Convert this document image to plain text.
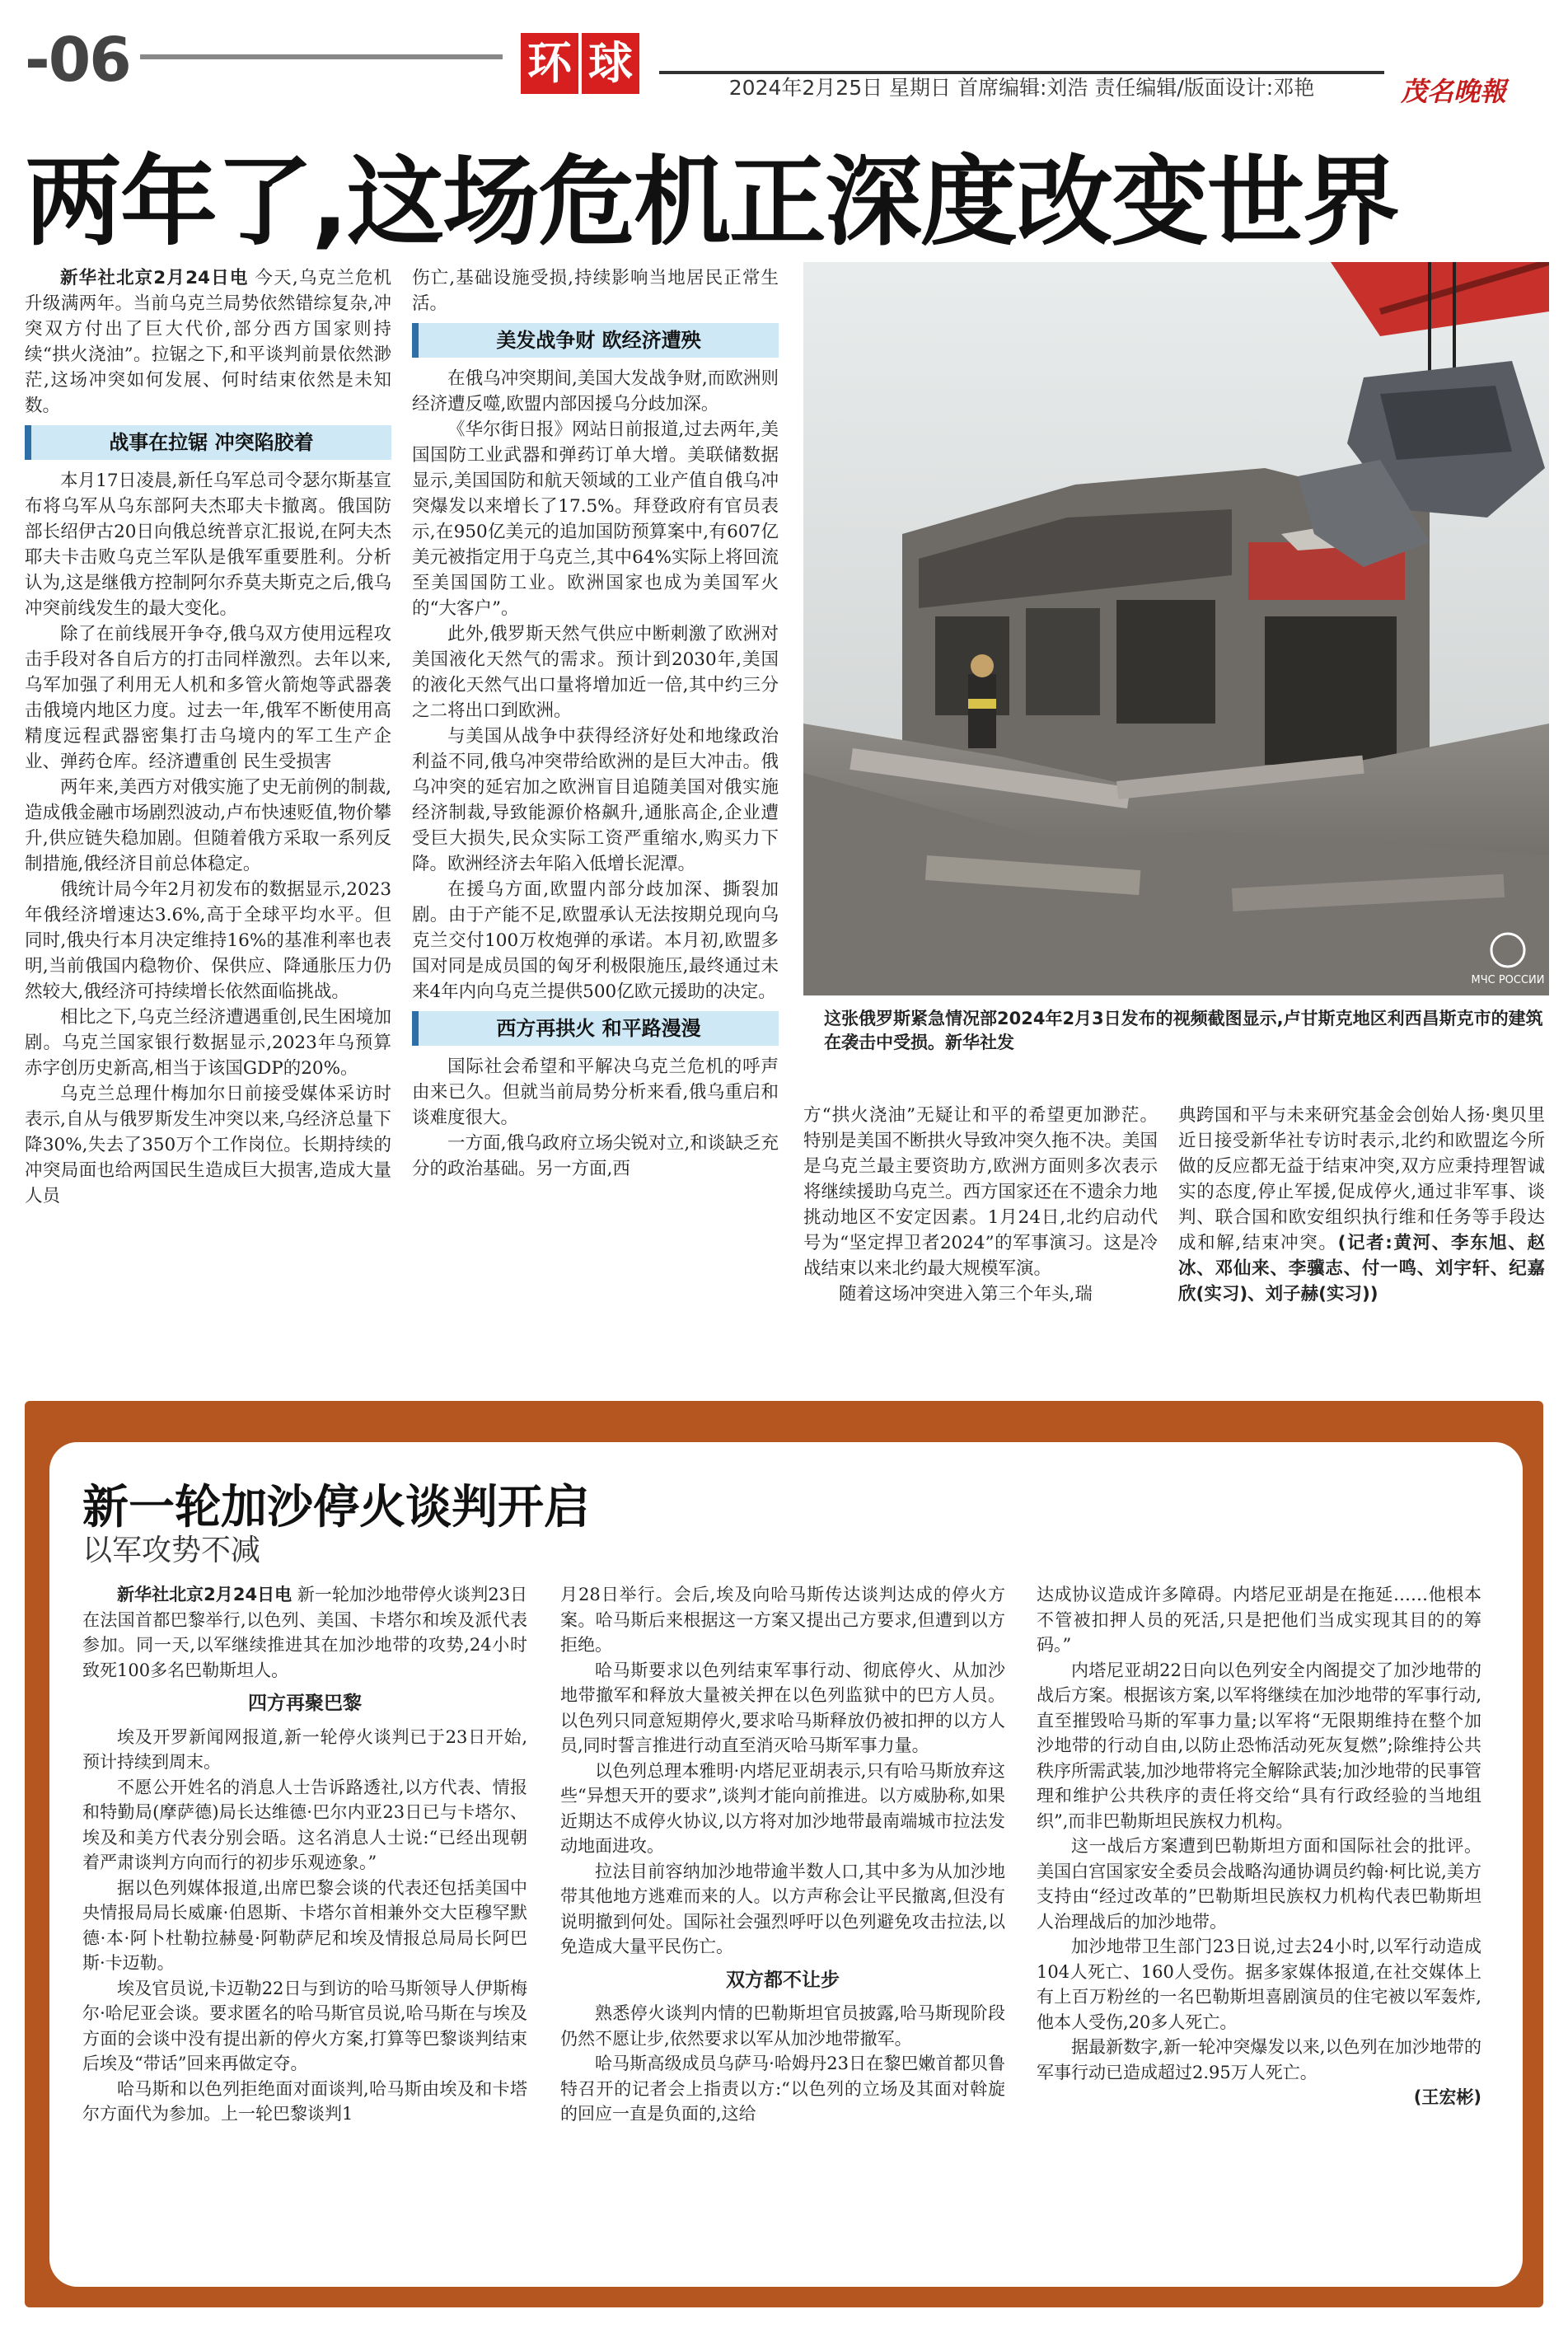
-06	环 球	2024年2月25日 星期日 首席编辑:刘浩 责任编辑/版面设计:邓艳	茂名晚報
两年了,这场危机正深度改变世界

新华社北京2月24日电 今天,乌克兰危机升级满两年。当前乌克兰局势依然错综复杂,冲突双方付出了巨大代价,部分西方国家则持续“拱火浇油”。拉锯之下,和平谈判前景依然渺茫,这场冲突如何发展、何时结束依然是未知数。

战事在拉锯 冲突陷胶着

本月17日凌晨,新任乌军总司令瑟尔斯基宣布将乌军从乌东部阿夫杰耶夫卡撤离。俄国防部长绍伊古20日向俄总统普京汇报说,在阿夫杰耶夫卡击败乌克兰军队是俄军重要胜利。分析认为,这是继俄方控制阿尔乔莫夫斯克之后,俄乌冲突前线发生的最大变化。

除了在前线展开争夺,俄乌双方使用远程攻击手段对各自后方的打击同样激烈。去年以来,乌军加强了利用无人机和多管火箭炮等武器袭击俄境内地区力度。过去一年,俄军不断使用高精度远程武器密集打击乌境内的军工生产企业、弹药仓库。经济遭重创 民生受损害

两年来,美西方对俄实施了史无前例的制裁,造成俄金融市场剧烈波动,卢布快速贬值,物价攀升,供应链失稳加剧。但随着俄方采取一系列反制措施,俄经济目前总体稳定。

俄统计局今年2月初发布的数据显示,2023年俄经济增速达3.6%,高于全球平均水平。但同时,俄央行本月决定维持16%的基准利率也表明,当前俄国内稳物价、保供应、降通胀压力仍然较大,俄经济可持续增长依然面临挑战。

相比之下,乌克兰经济遭遇重创,民生困境加剧。乌克兰国家银行数据显示,2023年乌预算赤字创历史新高,相当于该国GDP的20%。

乌克兰总理什梅加尔日前接受媒体采访时表示,自从与俄罗斯发生冲突以来,乌经济总量下降30%,失去了350万个工作岗位。长期持续的冲突局面也给两国民生造成巨大损害,造成大量人员

伤亡,基础设施受损,持续影响当地居民正常生活。

美发战争财 欧经济遭殃

在俄乌冲突期间,美国大发战争财,而欧洲则经济遭反噬,欧盟内部因援乌分歧加深。

《华尔街日报》网站日前报道,过去两年,美国国防工业武器和弹药订单大增。美联储数据显示,美国国防和航天领域的工业产值自俄乌冲突爆发以来增长了17.5%。拜登政府有官员表示,在950亿美元的追加国防预算案中,有607亿美元被指定用于乌克兰,其中64%实际上将回流至美国国防工业。欧洲国家也成为美国军火的“大客户”。

此外,俄罗斯天然气供应中断刺激了欧洲对美国液化天然气的需求。预计到2030年,美国的液化天然气出口量将增加近一倍,其中约三分之二将出口到欧洲。

与美国从战争中获得经济好处和地缘政治利益不同,俄乌冲突带给欧洲的是巨大冲击。俄乌冲突的延宕加之欧洲盲目追随美国对俄实施经济制裁,导致能源价格飙升,通胀高企,企业遭受巨大损失,民众实际工资严重缩水,购买力下降。欧洲经济去年陷入低增长泥潭。

在援乌方面,欧盟内部分歧加深、撕裂加剧。由于产能不足,欧盟承认无法按期兑现向乌克兰交付100万枚炮弹的承诺。本月初,欧盟多国对同是成员国的匈牙利极限施压,最终通过未来4年内向乌克兰提供500亿欧元援助的决定。

西方再拱火 和平路漫漫

国际社会希望和平解决乌克兰危机的呼声由来已久。但就当前局势分析来看,俄乌重启和谈难度很大。

一方面,俄乌政府立场尖锐对立,和谈缺乏充分的政治基础。另一方面,西

МЧС РОССИИ
这张俄罗斯紧急情况部2024年2月3日发布的视频截图显示,卢甘斯克地区利西昌斯克市的建筑在袭击中受损。新华社发

方“拱火浇油”无疑让和平的希望更加渺茫。特别是美国不断拱火导致冲突久拖不决。美国是乌克兰最主要资助方,欧洲方面则多次表示将继续援助乌克兰。西方国家还在不遗余力地挑动地区不安定因素。1月24日,北约启动代号为“坚定捍卫者2024”的军事演习。这是冷战结束以来北约最大规模军演。

随着这场冲突进入第三个年头,瑞

典跨国和平与未来研究基金会创始人扬·奥贝里近日接受新华社专访时表示,北约和欧盟迄今所做的反应都无益于结束冲突,双方应秉持理智诚实的态度,停止军援,促成停火,通过非军事、谈判、联合国和欧安组织执行维和任务等手段达成和解,结束冲突。(记者:黄河、李东旭、赵冰、邓仙来、李骥志、付一鸣、刘宇轩、纪嘉欣(实习)、刘子赫(实习))

新一轮加沙停火谈判开启
以军攻势不减

新华社北京2月24日电 新一轮加沙地带停火谈判23日在法国首都巴黎举行,以色列、美国、卡塔尔和埃及派代表参加。同一天,以军继续推进其在加沙地带的攻势,24小时致死100多名巴勒斯坦人。

四方再聚巴黎

埃及开罗新闻网报道,新一轮停火谈判已于23日开始,预计持续到周末。

不愿公开姓名的消息人士告诉路透社,以方代表、情报和特勤局(摩萨德)局长达维德·巴尔内亚23日已与卡塔尔、埃及和美方代表分别会晤。这名消息人士说:“已经出现朝着严肃谈判方向而行的初步乐观迹象。”

据以色列媒体报道,出席巴黎会谈的代表还包括美国中央情报局局长威廉·伯恩斯、卡塔尔首相兼外交大臣穆罕默德·本·阿卜杜勒拉赫曼·阿勒萨尼和埃及情报总局局长阿巴斯·卡迈勒。

埃及官员说,卡迈勒22日与到访的哈马斯领导人伊斯梅尔·哈尼亚会谈。要求匿名的哈马斯官员说,哈马斯在与埃及方面的会谈中没有提出新的停火方案,打算等巴黎谈判结束后埃及“带话”回来再做定夺。

哈马斯和以色列拒绝面对面谈判,哈马斯由埃及和卡塔尔方面代为参加。上一轮巴黎谈判1

月28日举行。会后,埃及向哈马斯传达谈判达成的停火方案。哈马斯后来根据这一方案又提出己方要求,但遭到以方拒绝。

哈马斯要求以色列结束军事行动、彻底停火、从加沙地带撤军和释放大量被关押在以色列监狱中的巴方人员。以色列只同意短期停火,要求哈马斯释放仍被扣押的以方人员,同时誓言推进行动直至消灭哈马斯军事力量。

以色列总理本雅明·内塔尼亚胡表示,只有哈马斯放弃这些“异想天开的要求”,谈判才能向前推进。以方威胁称,如果近期达不成停火协议,以方将对加沙地带最南端城市拉法发动地面进攻。

拉法目前容纳加沙地带逾半数人口,其中多为从加沙地带其他地方逃难而来的人。以方声称会让平民撤离,但没有说明撤到何处。国际社会强烈呼吁以色列避免攻击拉法,以免造成大量平民伤亡。

双方都不让步

熟悉停火谈判内情的巴勒斯坦官员披露,哈马斯现阶段仍然不愿让步,依然要求以军从加沙地带撤军。

哈马斯高级成员乌萨马·哈姆丹23日在黎巴嫩首都贝鲁特召开的记者会上指责以方:“以色列的立场及其面对斡旋的回应一直是负面的,这给

达成协议造成许多障碍。内塔尼亚胡是在拖延……他根本不管被扣押人员的死活,只是把他们当成实现其目的的筹码。”

内塔尼亚胡22日向以色列安全内阁提交了加沙地带的战后方案。根据该方案,以军将继续在加沙地带的军事行动,直至摧毁哈马斯的军事力量;以军将“无限期维持在整个加沙地带的行动自由,以防止恐怖活动死灰复燃”;除维持公共秩序所需武装,加沙地带将完全解除武装;加沙地带的民事管理和维护公共秩序的责任将交给“具有行政经验的当地组织”,而非巴勒斯坦民族权力机构。

这一战后方案遭到巴勒斯坦方面和国际社会的批评。美国白宫国家安全委员会战略沟通协调员约翰·柯比说,美方支持由“经过改革的”巴勒斯坦民族权力机构代表巴勒斯坦人治理战后的加沙地带。

加沙地带卫生部门23日说,过去24小时,以军行动造成104人死亡、160人受伤。据多家媒体报道,在社交媒体上有上百万粉丝的一名巴勒斯坦喜剧演员的住宅被以军轰炸,他本人受伤,20多人死亡。

据最新数字,新一轮冲突爆发以来,以色列在加沙地带的军事行动已造成超过2.95万人死亡。

(王宏彬)
